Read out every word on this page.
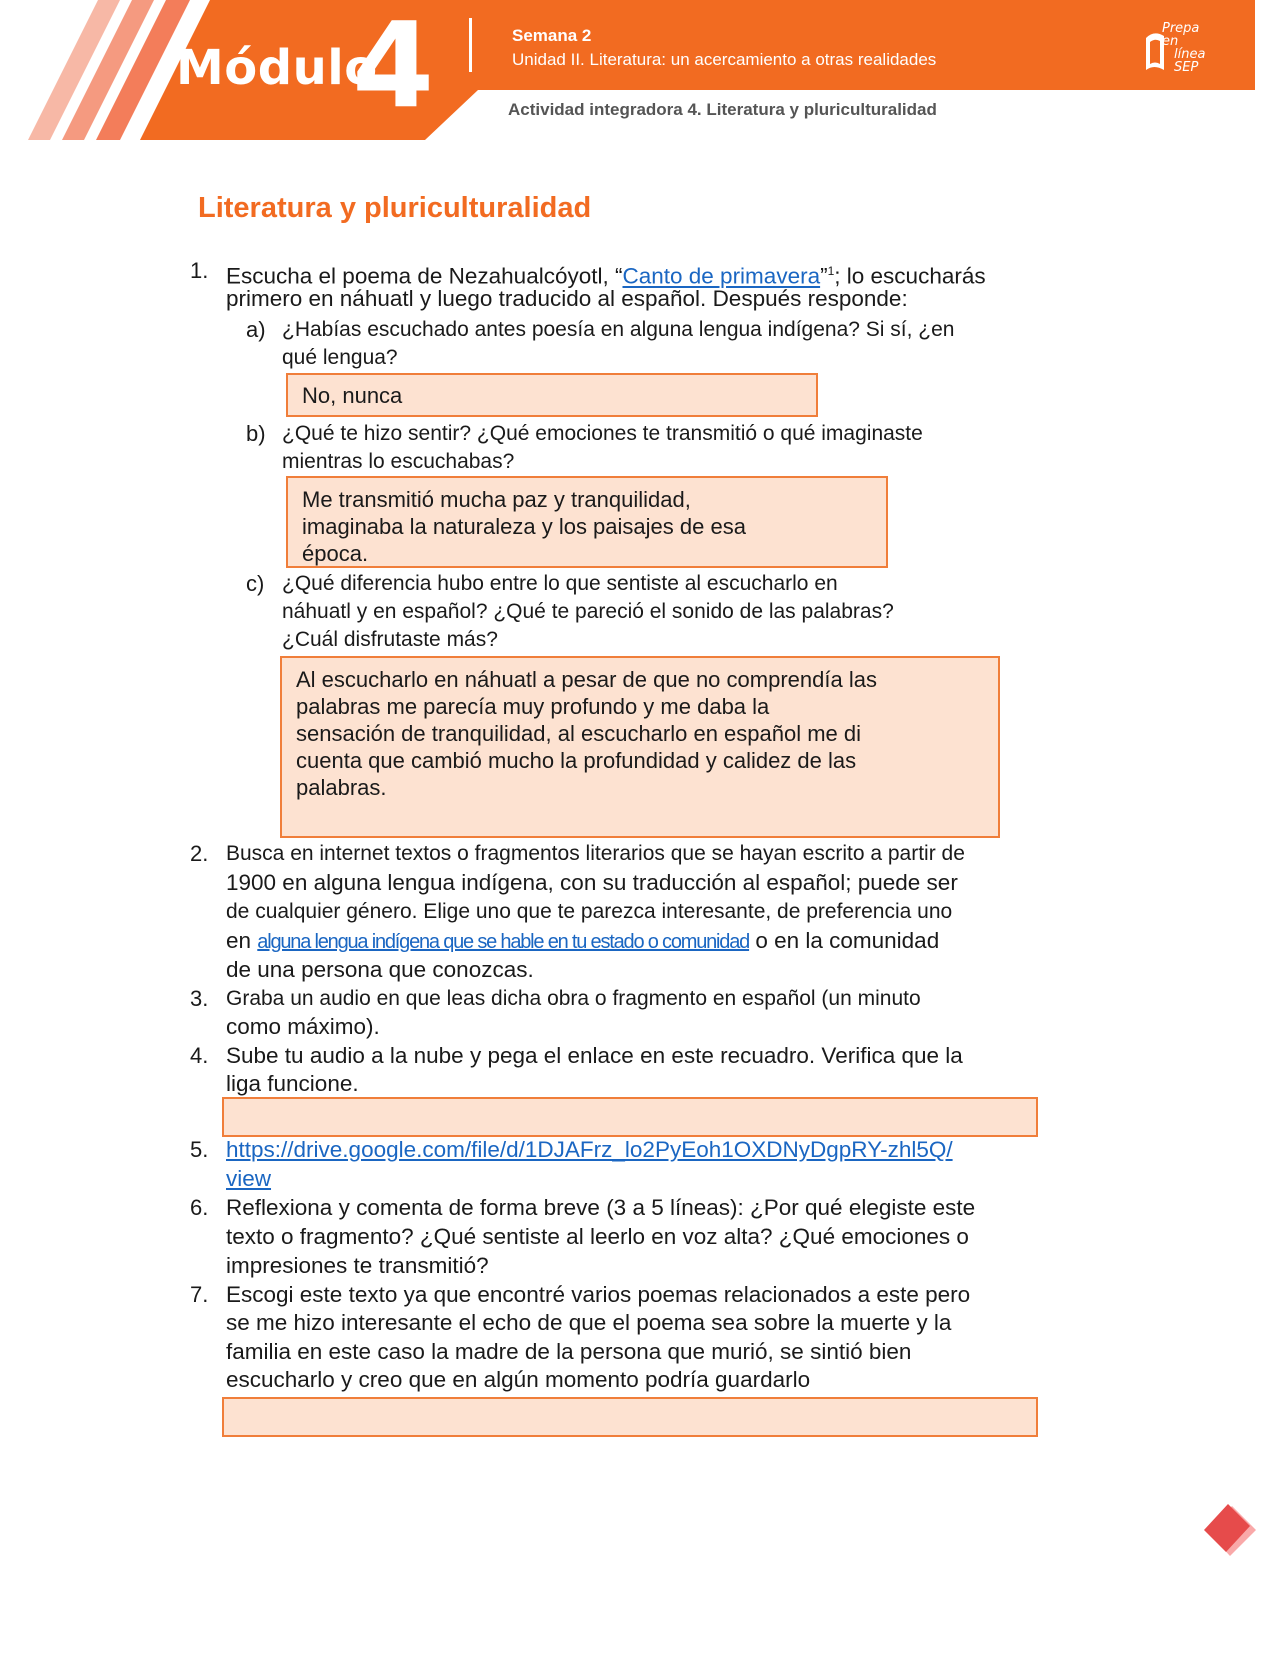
Módulo
4	Semana 2
Unidad II. Literatura: un acercamiento a otras realidades
Actividad integradora 4. Literatura y pluriculturalidad
Prepa en
línea
SEP
Literatura y pluriculturalidad
1. Escucha el poema de Nezahualcóyotl, “Canto de primavera”$^1$; lo escucharás
primero en náhuatl y luego traducido al español. Después responde:
a) ¿Habías escuchado antes poesía en alguna lengua indígena? Si sí, ¿en
qué lengua?
No, nunca
b) ¿Qué te hizo sentir? ¿Qué emociones te transmitió o qué imaginaste
mientras lo escuchabas?
Me transmitió mucha paz y tranquilidad,
imaginaba la naturaleza y los paisajes de esa
época.
c) ¿Qué diferencia hubo entre lo que sentiste al escucharlo en
náhuatl y en español? ¿Qué te pareció el sonido de las palabras?
¿Cuál disfrutaste más?
Al escucharlo en náhuatl a pesar de que no comprendía las
palabras me parecía muy profundo y me daba la
sensación de tranquilidad, al escucharlo en español me di
cuenta que cambió mucho la profundidad y calidez de las
palabras.
2. Busca en internet textos o fragmentos literarios que se hayan escrito a partir de
1900 en alguna lengua indígena, con su traducción al español; puede ser
de cualquier género. Elige uno que te parezca interesante, de preferencia uno
en alguna lengua indígena que se hable en tu estado o comunidad o en la comunidad
de una persona que conozcas.
3. Graba un audio en que leas dicha obra o fragmento en español (un minuto
como máximo).
4. Sube tu audio a la nube y pega el enlace en este recuadro. Verifica que la
liga funcione.
5. https://drive.google.com/file/d/1DJAFrz_lo2PyEoh1OXDNyDgpRY-zhl5Q/
view
6. Reflexiona y comenta de forma breve (3 a 5 líneas): ¿Por qué elegiste este
texto o fragmento? ¿Qué sentiste al leerlo en voz alta? ¿Qué emociones o
impresiones te transmitió?
7. Escogi este texto ya que encontré varios poemas relacionados a este pero
se me hizo interesante el echo de que el poema sea sobre la muerte y la
familia en este caso la madre de la persona que murió, se sintió bien
escucharlo y creo que en algún momento podría guardarlo
